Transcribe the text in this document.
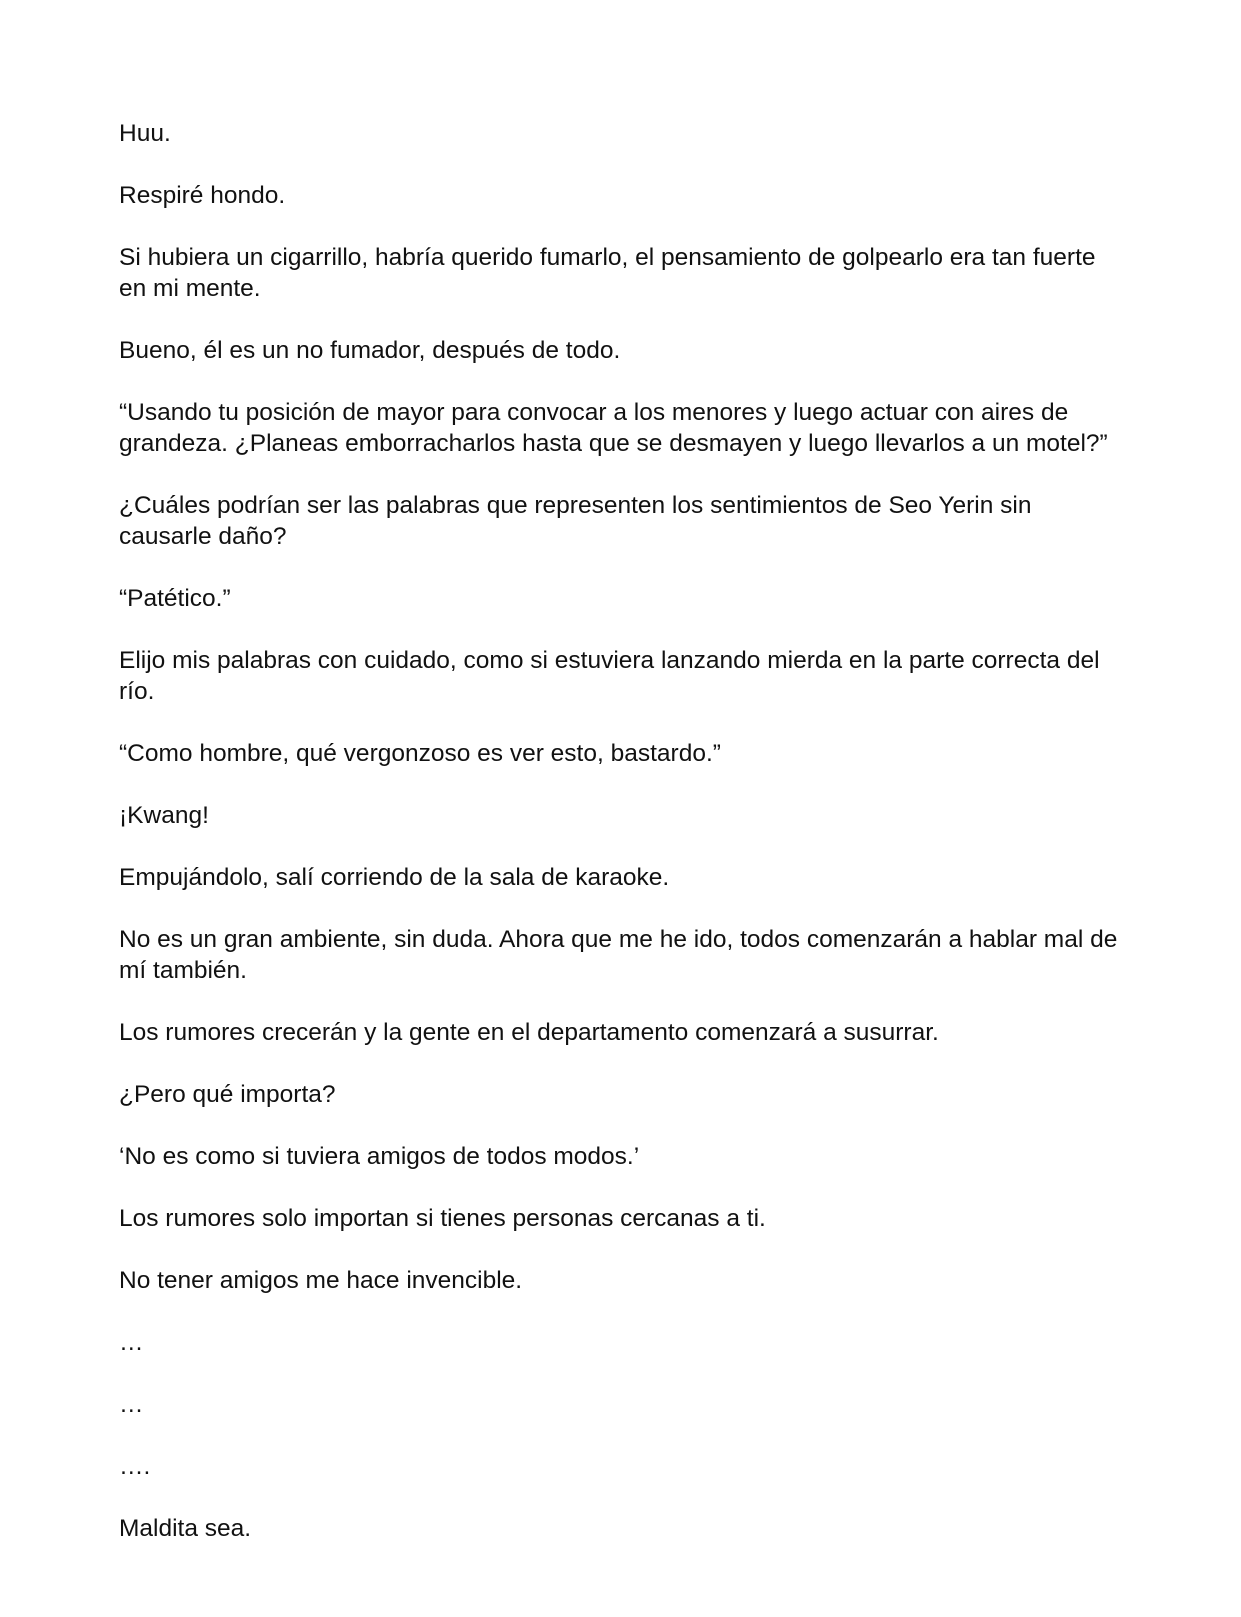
Huu.

Respiré hondo.

Si hubiera un cigarrillo, habría querido fumarlo, el pensamiento de golpearlo era tan fuerte en mi mente.

Bueno, él es un no fumador, después de todo.

“Usando tu posición de mayor para convocar a los menores y luego actuar con aires de grandeza. ¿Planeas emborracharlos hasta que se desmayen y luego llevarlos a un motel?”

¿Cuáles podrían ser las palabras que representen los sentimientos de Seo Yerin sin causarle daño?

“Patético.”

Elijo mis palabras con cuidado, como si estuviera lanzando mierda en la parte correcta del río.

“Como hombre, qué vergonzoso es ver esto, bastardo.”

¡Kwang!

Empujándolo, salí corriendo de la sala de karaoke.

No es un gran ambiente, sin duda. Ahora que me he ido, todos comenzarán a hablar mal de mí también.

Los rumores crecerán y la gente en el departamento comenzará a susurrar.

¿Pero qué importa?

‘No es como si tuviera amigos de todos modos.’

Los rumores solo importan si tienes personas cercanas a ti.

No tener amigos me hace invencible.

…

…

….

Maldita sea.
